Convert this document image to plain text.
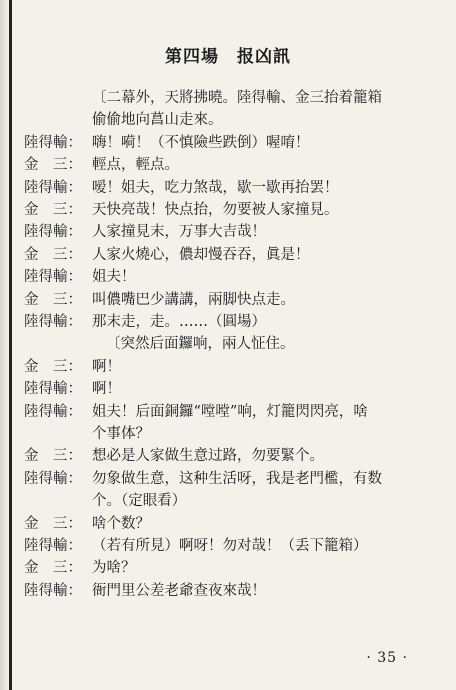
第四場　报凶訊
〔二幕外，天將拂曉。陸得輸、金三抬着籠箱
偷偷地向菖山走來。
陸得輸： 嗨！嗬！（不慎險些跌倒）喔唷！
金　三： 輕点，輕点。
陸得輸： 嗳！姐夫，吃力煞哉，歇一歇再抬罢！
金　三： 天快亮哉！快点抬，勿要被人家撞見。
陸得輸： 人家撞見末，万事大吉哉！
金　三： 人家火燒心，儂却慢吞吞，眞是！
陸得輸： 姐夫！
金　三： 叫儂嘴巴少講講，兩脚快点走。
陸得輸： 那末走，走。……（圓場）
〔突然后面鑼响，兩人怔住。
金　三： 啊！
陸得輸： 啊！
陸得輸： 姐夫！后面銅鑼“嘡嘡”响，灯籠閃閃亮，啥
个事体？
金　三： 想必是人家做生意过路，勿要緊个。
陸得輸： 勿象做生意，这种生活呀，我是老門檻，有数
个。（定眼看）
金　三： 啥个数？
陸得輸： （若有所見）啊呀！勿对哉！（丢下籠箱）
金　三： 为啥？
陸得輸： 衙門里公差老爺查夜來哉！
· 35 ·
